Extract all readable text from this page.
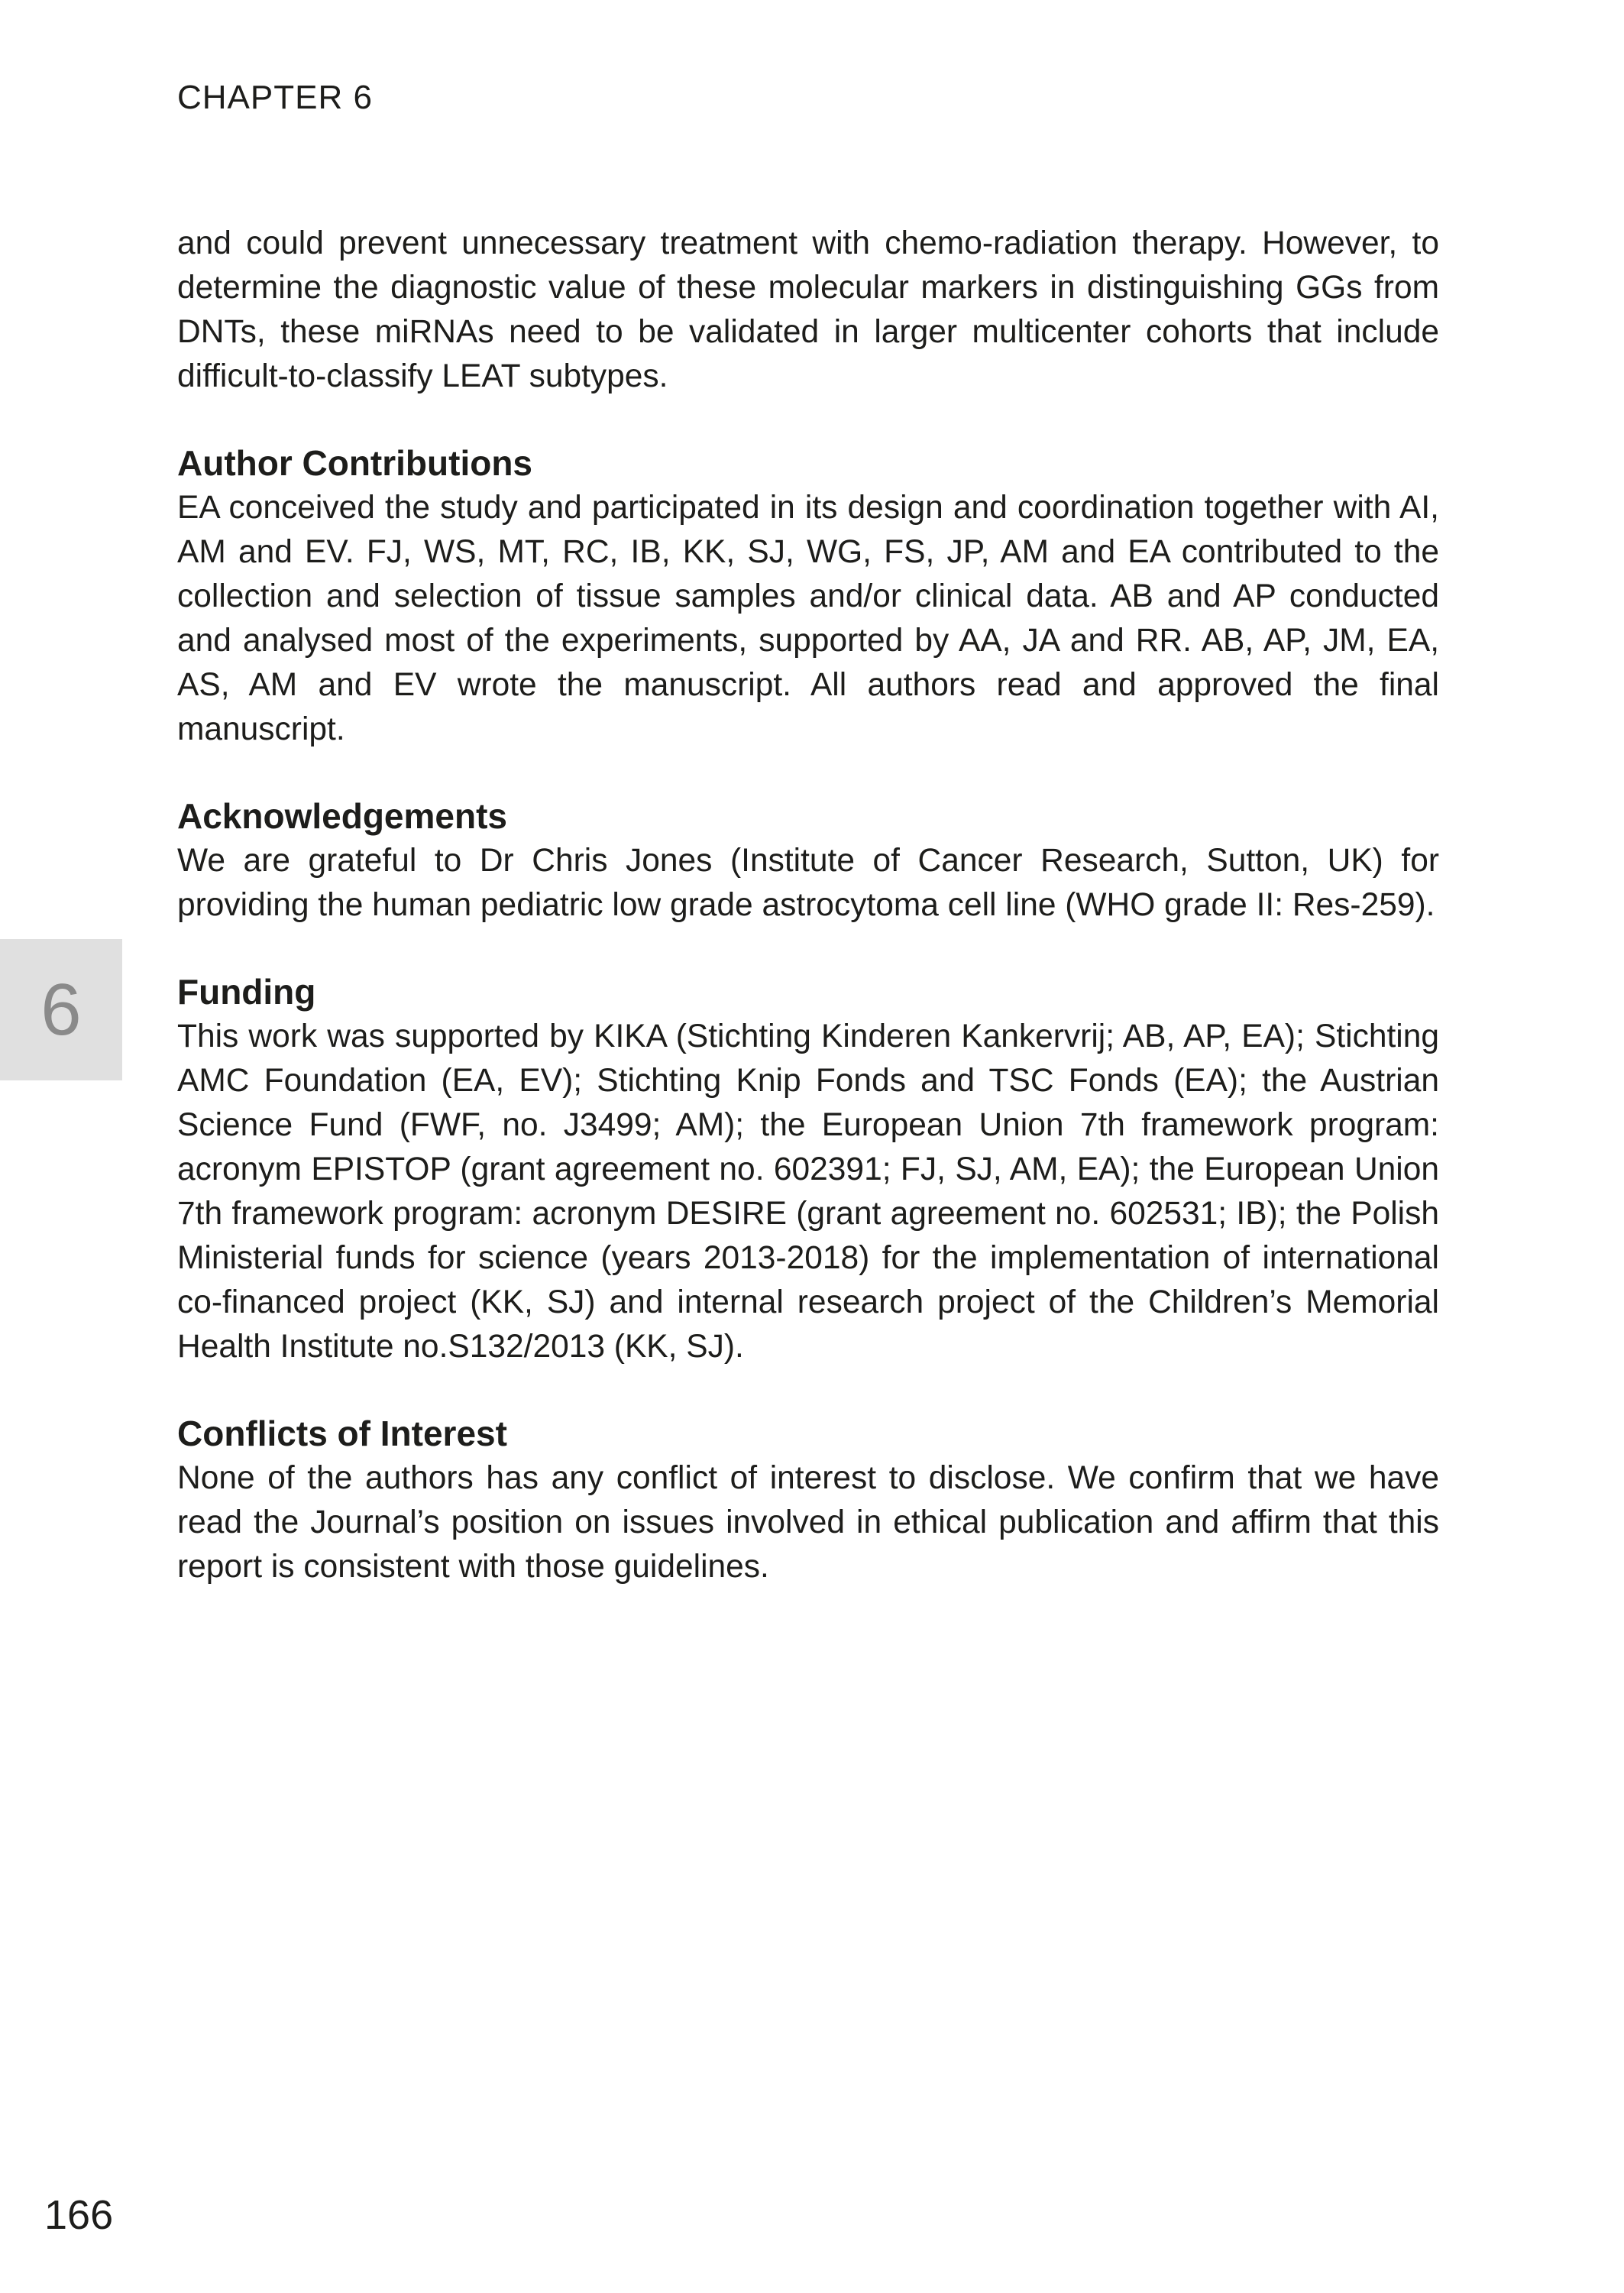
CHAPTER 6
6

and could prevent unnecessary treatment with chemo-radiation therapy. However, to determine the diagnostic value of these molecular markers in distinguishing GGs from DNTs, these miRNAs need to be validated in larger multicenter cohorts that include difficult-to-classify LEAT subtypes.

Author Contributions

EA conceived the study and participated in its design and coordination together with AI, AM and EV. FJ, WS, MT, RC, IB, KK, SJ, WG, FS, JP, AM and EA contributed to the collection and selection of tissue samples and/or clinical data. AB and AP conducted and analysed most of the experiments, supported by AA, JA and RR. AB, AP, JM, EA, AS, AM and EV wrote the manuscript. All authors read and approved the final manuscript.

Acknowledgements

We are grateful to Dr Chris Jones (Institute of Cancer Research, Sutton, UK) for providing the human pediatric low grade astrocytoma cell line (WHO grade II: Res-259).

Funding

This work was supported by KIKA (Stichting Kinderen Kankervrij; AB, AP, EA); Stichting AMC Foundation (EA, EV); Stichting Knip Fonds and TSC Fonds (EA); the Austrian Science Fund (FWF, no. J3499; AM); the European Union 7th framework program: acronym EPISTOP (grant agreement no. 602391; FJ, SJ, AM, EA); the European Union 7th framework program: acronym DESIRE (grant agreement no. 602531; IB); the Polish Ministerial funds for science (years 2013-2018) for the implementation of international co-financed project (KK, SJ) and internal research project of the Children’s Memorial Health Institute no.S132/2013 (KK, SJ).

Conflicts of Interest

None of the authors has any conflict of interest to disclose. We confirm that we have read the Journal’s position on issues involved in ethical publication and affirm that this report is consistent with those guidelines.

166
